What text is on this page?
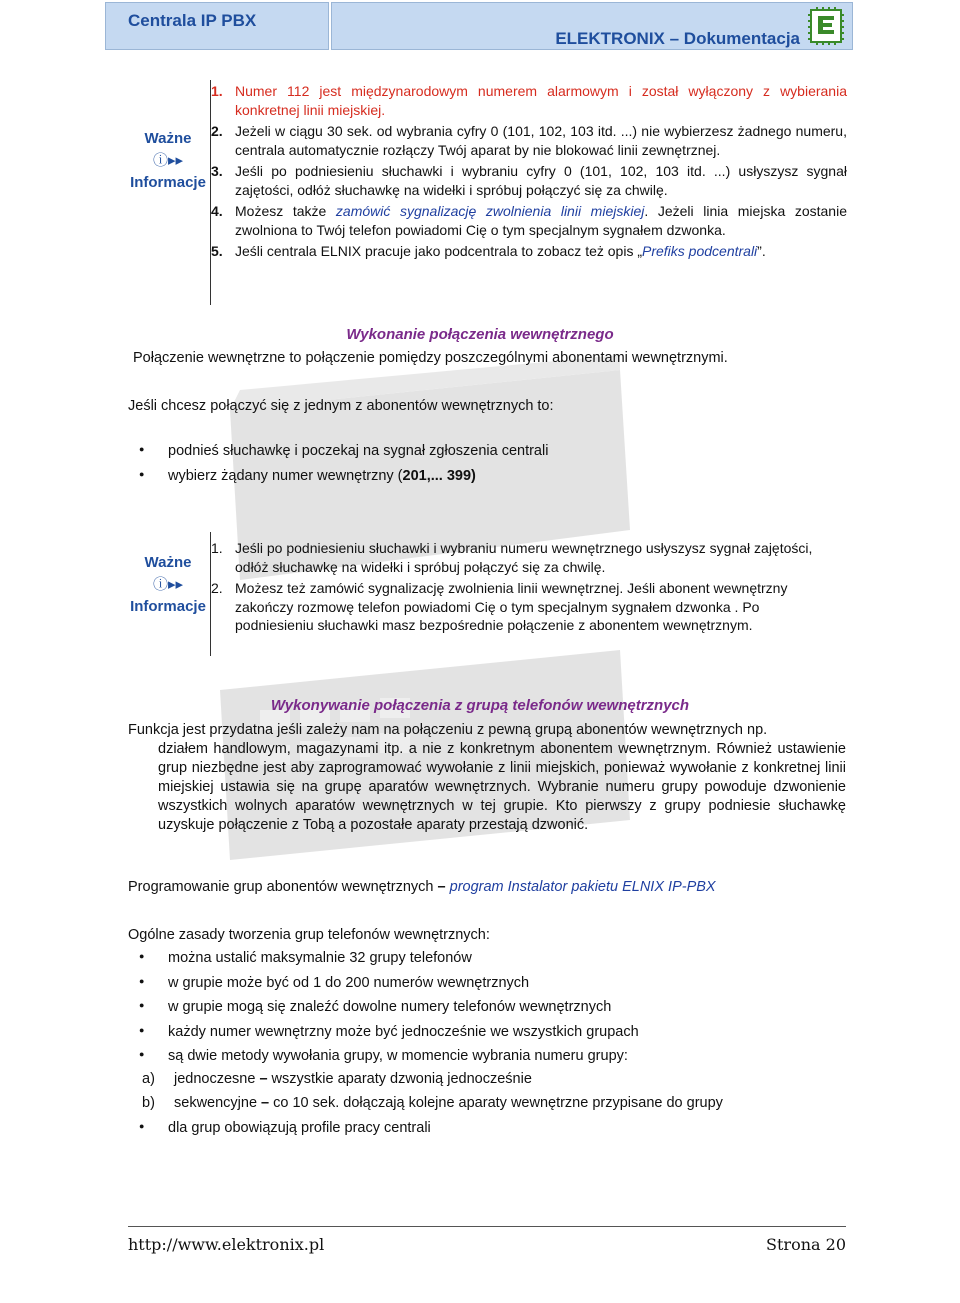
Centrala IP PBX
ELEKTRONIX – Dokumentacja
Ważne
ⓘ▸▸
Informacje
1. Numer 112 jest międzynarodowym numerem alarmowym i został wyłączony z wybierania konkretnej linii miejskiej.
2. Jeżeli w ciągu 30 sek. od wybrania cyfry 0 (101, 102, 103 itd. ...) nie wybierzesz żadnego numeru, centrala automatycznie rozłączy Twój aparat by nie blokować linii zewnętrznej.
3. Jeśli po podniesieniu słuchawki i wybraniu cyfry 0 (101, 102, 103 itd. ...) usłyszysz sygnał zajętości, odłóż słuchawkę na widełki i spróbuj połączyć się za chwilę.
4. Możesz także zamówić sygnalizację zwolnienia linii miejskiej. Jeżeli linia miejska zostanie zwolniona to Twój telefon powiadomi Cię o tym specjalnym sygnałem dzwonka.
5. Jeśli centrala ELNIX pracuje jako podcentrala to zobacz też opis „Prefiks podcentrali”.
Wykonanie połączenia wewnętrznego
Połączenie wewnętrzne to połączenie pomiędzy poszczególnymi abonentami wewnętrznymi.
Jeśli chcesz połączyć się z jednym z abonentów wewnętrznych to:
● podnieś słuchawkę i poczekaj na sygnał zgłoszenia centrali
● wybierz żądany numer wewnętrzny (201,... 399)
Ważne
ⓘ▸▸
Informacje
1. Jeśli po podniesieniu słuchawki i wybraniu numeru wewnętrznego usłyszysz sygnał zajętości, odłóż słuchawkę na widełki i spróbuj połączyć się za chwilę.
2. Możesz też zamówić sygnalizację zwolnienia linii wewnętrznej. Jeśli abonent wewnętrzny zakończy rozmowę telefon powiadomi Cię o tym specjalnym sygnałem dzwonka . Po podniesieniu słuchawki masz bezpośrednie połączenie z abonentem wewnętrznym.
Wykonywanie połączenia z grupą telefonów wewnętrznych
Funkcja jest przydatna jeśli zależy nam na połączeniu z pewną grupą abonentów wewnętrznych np.
działem handlowym, magazynami itp. a nie z konkretnym abonentem wewnętrznym. Również ustawienie grup niezbędne jest aby zaprogramować wywołanie z linii miejskich, ponieważ wywołanie z konkretnej linii miejskiej ustawia się na grupę aparatów wewnętrznych. Wybranie numeru grupy powoduje dzwonienie wszystkich wolnych aparatów wewnętrznych w tej grupie. Kto pierwszy z grupy podniesie słuchawkę uzyskuje połączenie z Tobą a pozostałe aparaty przestają dzwonić.
Programowanie grup abonentów wewnętrznych – program Instalator pakietu ELNIX IP-PBX
Ogólne zasady tworzenia grup telefonów wewnętrznych:
● można ustalić maksymalnie 32 grupy telefonów
● w grupie może być od 1 do 200 numerów wewnętrznych
● w grupie mogą się znaleźć dowolne numery telefonów wewnętrznych
● każdy numer wewnętrzny może być jednocześnie we wszystkich grupach
● są dwie metody wywołania grupy, w momencie wybrania numeru grupy:
a) jednoczesne – wszystkie aparaty dzwonią jednocześnie
b) sekwencyjne – co 10 sek. dołączają kolejne aparaty wewnętrzne przypisane do grupy
● dla grup obowiązują profile pracy centrali
http://www.elektronix.pl	Strona 20
